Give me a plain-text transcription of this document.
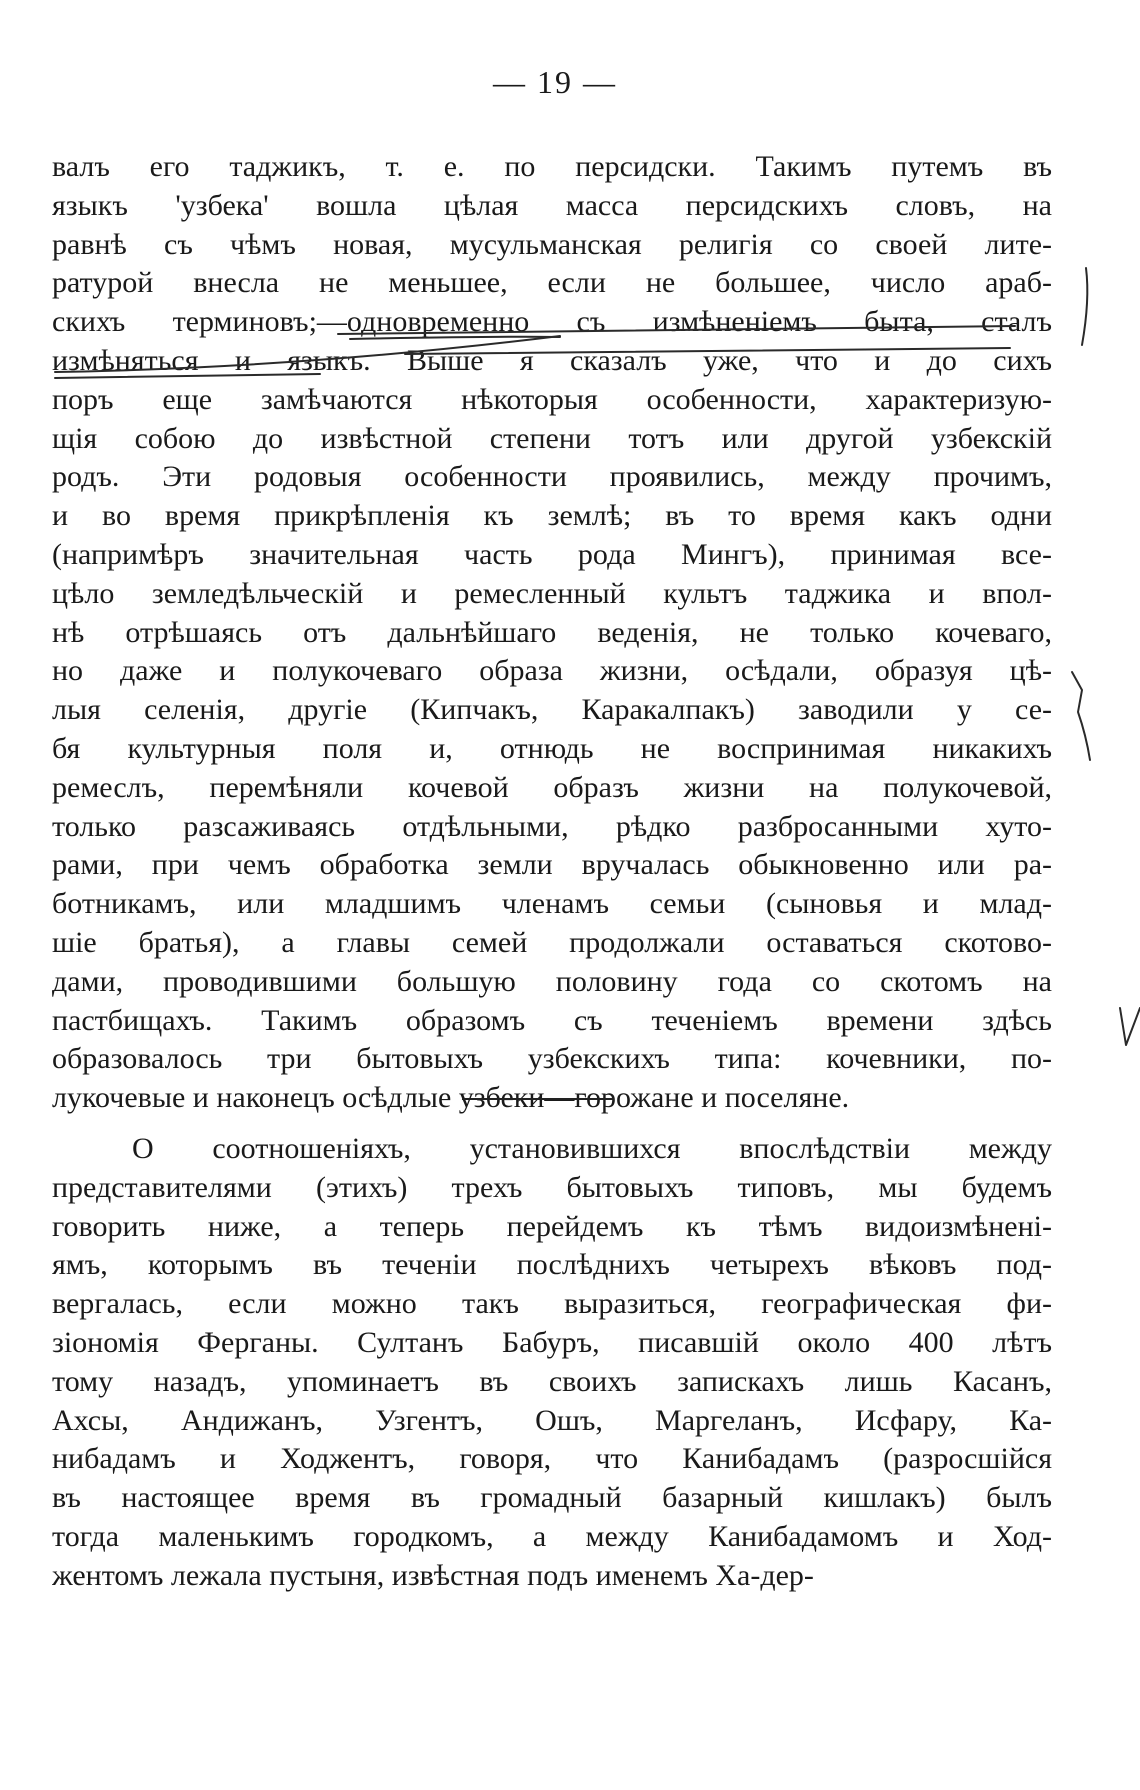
— 19 —
валъ его таджикъ, т. е. по персидски. Такимъ путемъ въ
языкъ 'узбека' вошла цѣлая масса персидскихъ словъ, на
равнѣ съ чѣмъ новая, мусульманская религія со своей лите-
ратурой внесла не меньшее, если не большее, число араб-
скихъ терминовъ;—одновременно съ измѣненіемъ быта, сталъ
измѣняться и языкъ. Выше я сказалъ уже, что и до сихъ
поръ еще замѣчаются нѣкоторыя особенности, характеризую-
щія собою до извѣстной степени тотъ или другой узбекскій
родъ. Эти родовыя особенности проявились, между прочимъ,
и во время прикрѣпленія къ землѣ; въ то время какъ одни
(напримѣръ значительная часть рода Мингъ), принимая все-
цѣло земледѣльческій и ремесленный культъ таджика и впол-
нѣ отрѣшаясь отъ дальнѣйшаго веденія, не только кочеваго,
но даже и полукочеваго образа жизни, осѣдали, образуя цѣ-
лыя селенія, другіе (Кипчакъ, Каракалпакъ) заводили у се-
бя культурныя поля и, отнюдь не воспринимая никакихъ
ремеслъ, перемѣняли кочевой образъ жизни на полукочевой,
только разсаживаясь отдѣльными, рѣдко разбросанными хуто-
рами, при чемъ обработка земли вручалась обыкновенно или ра-
ботникамъ, или младшимъ членамъ семьи (сыновья и млад-
шіе братья), а главы семей продолжали оставаться скотово-
дами, проводившими большую половину года со скотомъ на
пастбищахъ. Такимъ образомъ съ теченіемъ времени здѣсь
образовалось три бытовыхъ узбекскихъ типа: кочевники, по-
лукочевые и наконецъ осѣдлые узбеки—горожане и поселяне.
О соотношеніяхъ, установившихся впослѣдствіи между
представителями (этихъ) трехъ бытовыхъ типовъ, мы будемъ
говорить ниже, а теперь перейдемъ къ тѣмъ видоизмѣненi-
ямъ, которымъ въ теченіи послѣднихъ четырехъ вѣковъ под-
вергалась, если можно такъ выразиться, географическая фи-
зіономія Ферганы. Султанъ Бабуръ, писавшій около 400 лѣтъ
тому назадъ, упоминаетъ въ своихъ запискахъ лишь Касанъ,
Ахсы, Андижанъ, Узгентъ, Ошъ, Маргеланъ, Исфару, Ка-
нибадамъ и Ходжентъ, говоря, что Канибадамъ (разросшійся
въ настоящее время въ громадный базарный кишлакъ) былъ
тогда маленькимъ городкомъ, а между Канибадамомъ и Ход-
жентомъ лежала пустыня, извѣстная подъ именемъ Ха-дер-
